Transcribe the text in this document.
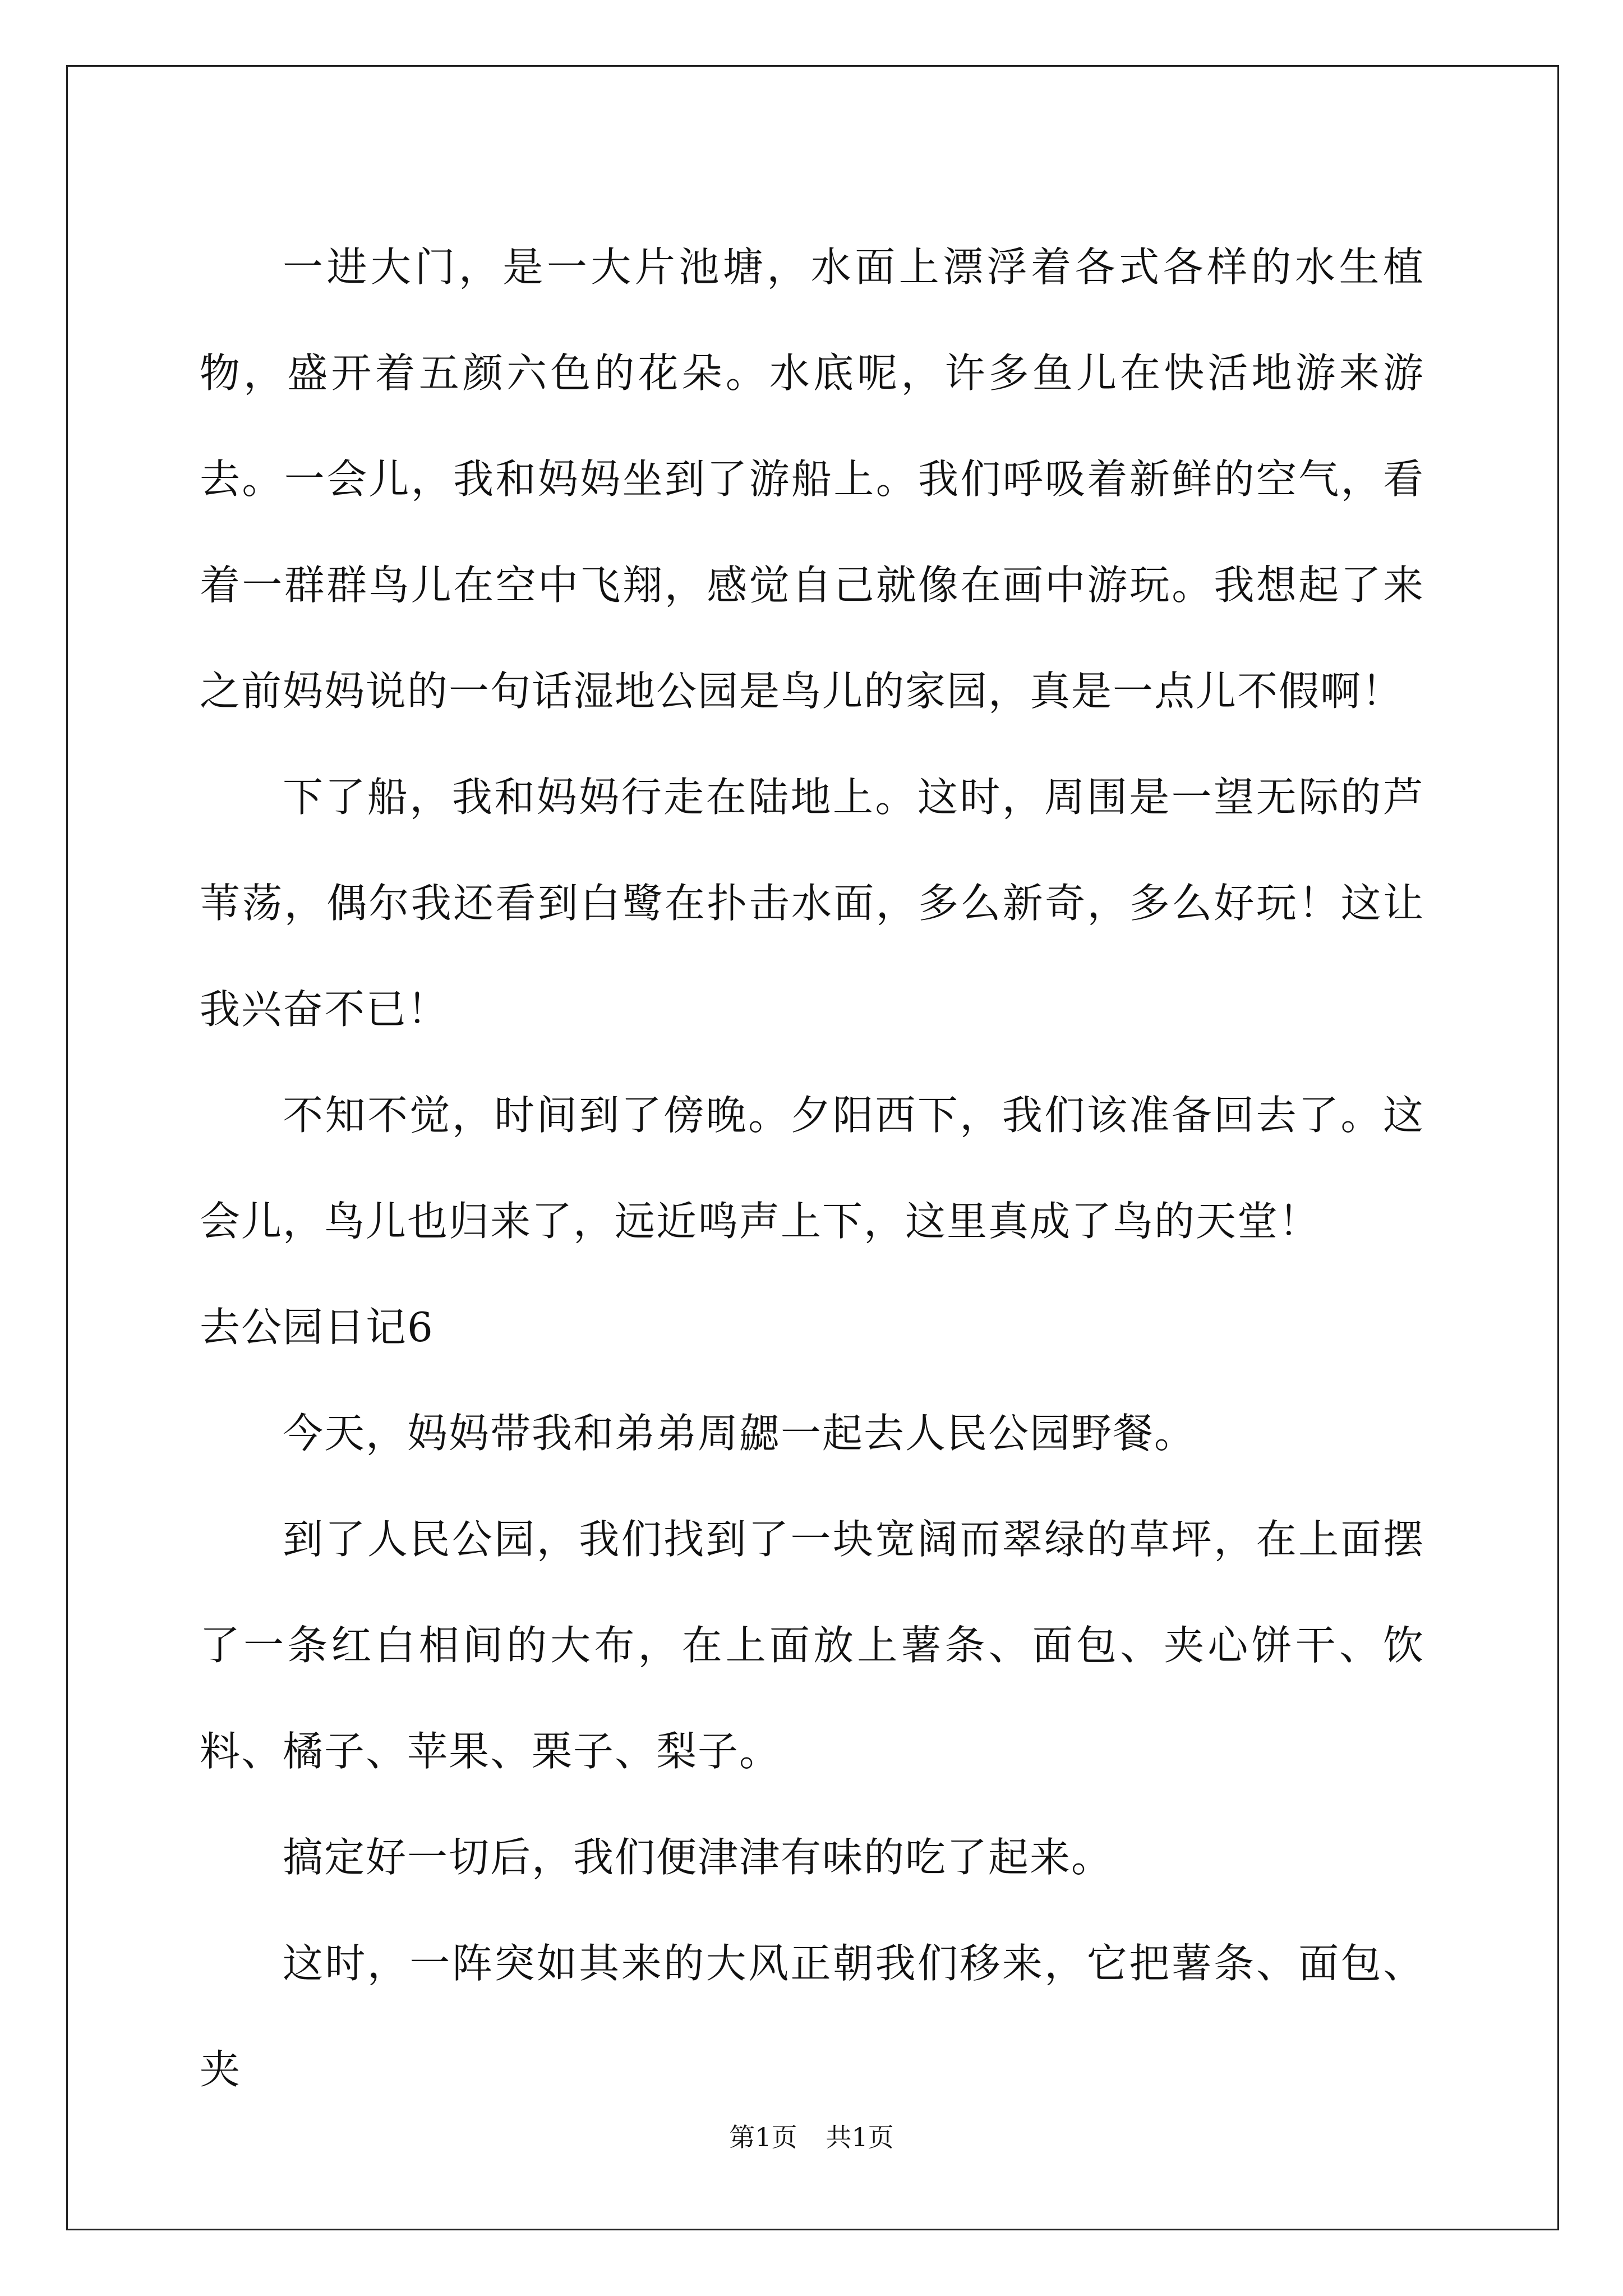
一进大门，是一大片池塘，水面上漂浮着各式各样的水生植物，盛开着五颜六色的花朵。水底呢，许多鱼儿在快活地游来游去。一会儿，我和妈妈坐到了游船上。我们呼吸着新鲜的空气，看着一群群鸟儿在空中飞翔，感觉自己就像在画中游玩。我想起了来之前妈妈说的一句话湿地公园是鸟儿的家园，真是一点儿不假啊！

下了船，我和妈妈行走在陆地上。这时，周围是一望无际的芦苇荡，偶尔我还看到白鹭在扑击水面，多么新奇，多么好玩！这让我兴奋不已！

不知不觉，时间到了傍晚。夕阳西下，我们该准备回去了。这会儿，鸟儿也归来了，远近鸣声上下，这里真成了鸟的天堂！

去公园日记6

今天，妈妈带我和弟弟周勰一起去人民公园野餐。

到了人民公园，我们找到了一块宽阔而翠绿的草坪，在上面摆了一条红白相间的大布，在上面放上薯条、面包、夹心饼干、饮料、橘子、苹果、栗子、梨子。

搞定好一切后，我们便津津有味的吃了起来。

这时，一阵突如其来的大风正朝我们移来，它把薯条、面包、夹

第1页 共1页
